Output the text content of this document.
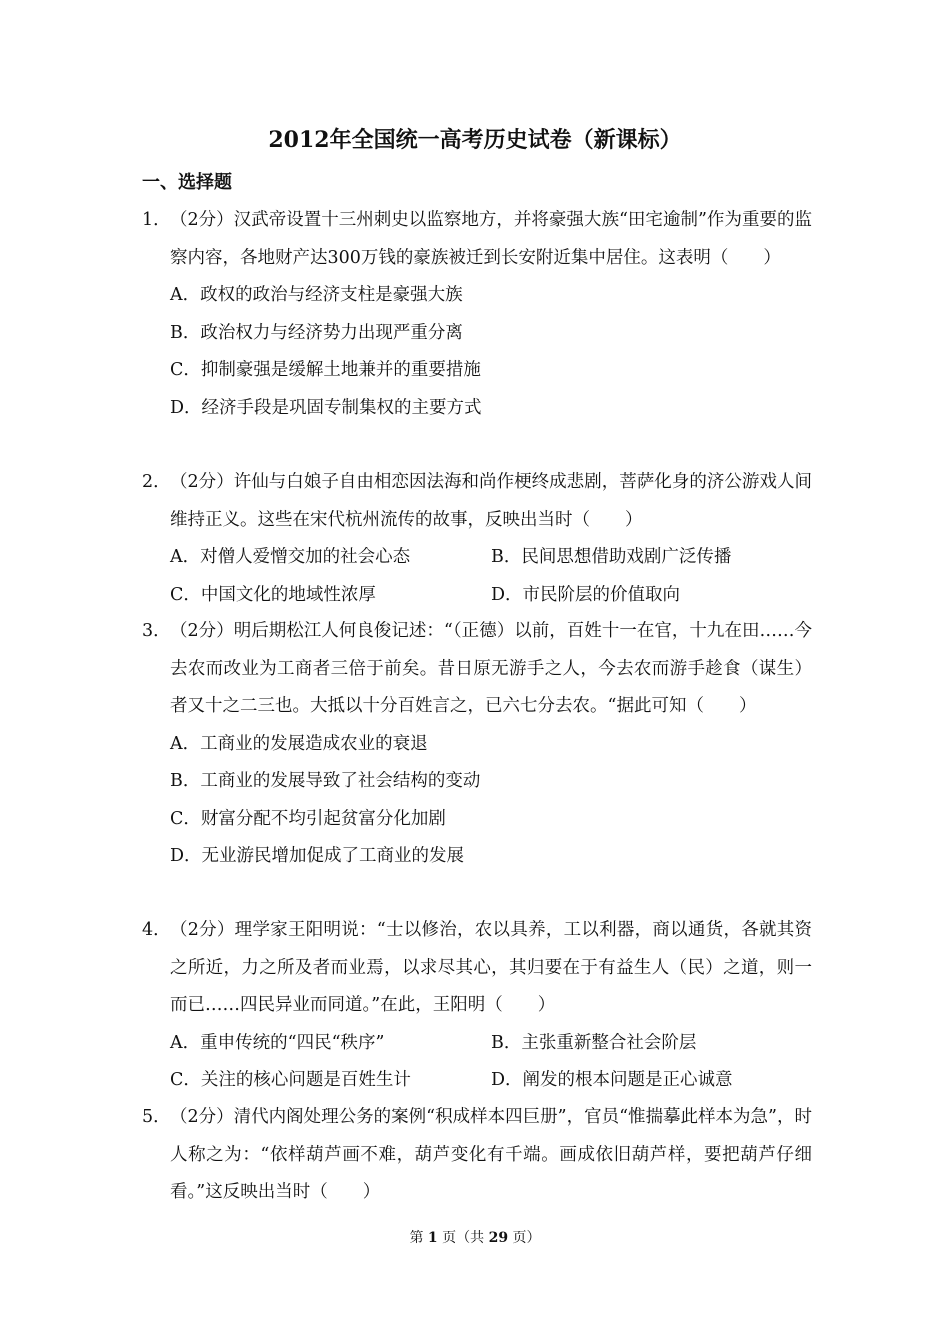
2012年全国统一高考历史试卷（新课标）
一、选择题
1． （2分）汉武帝设置十三州刺史以监察地方，并将豪强大族“田宅逾制”作为重要的监察内容，各地财产达300万钱的豪族被迁到长安附近集中居住。这表明（　　）
A．政权的政治与经济支柱是豪强大族
B．政治权力与经济势力出现严重分离
C．抑制豪强是缓解土地兼并的重要措施
D．经济手段是巩固专制集权的主要方式
2． （2分）许仙与白娘子自由相恋因法海和尚作梗终成悲剧，菩萨化身的济公游戏人间维持正义。这些在宋代杭州流传的故事，反映出当时（　　）
A．对僧人爱憎交加的社会心态	B．民间思想借助戏剧广泛传播
C．中国文化的地域性浓厚	D．市民阶层的价值取向
3． （2分）明后期松江人何良俊记述：“（正德）以前，百姓十一在官，十九在田……今去农而改业为工商者三倍于前矣。昔日原无游手之人，今去农而游手趁食（谋生）者又十之二三也。大抵以十分百姓言之，已六七分去农。“据此可知（　　）
A．工商业的发展造成农业的衰退
B．工商业的发展导致了社会结构的变动
C．财富分配不均引起贫富分化加剧
D．无业游民增加促成了工商业的发展
4． （2分）理学家王阳明说：“士以修治，农以具养，工以利器，商以通货，各就其资之所近，力之所及者而业焉，以求尽其心，其归要在于有益生人（民）之道，则一而已……四民异业而同道。”在此，王阳明（　　）
A．重申传统的“四民“秩序”	B．主张重新整合社会阶层
C．关注的核心问题是百姓生计	D．阐发的根本问题是正心诚意
5． （2分）清代内阁处理公务的案例“积成样本四巨册”，官员“惟揣摹此样本为急”，时人称之为：“依样葫芦画不难，葫芦变化有千端。画成依旧葫芦样，要把葫芦仔细看。”这反映出当时（　　）
第 1 页（共 29 页）
